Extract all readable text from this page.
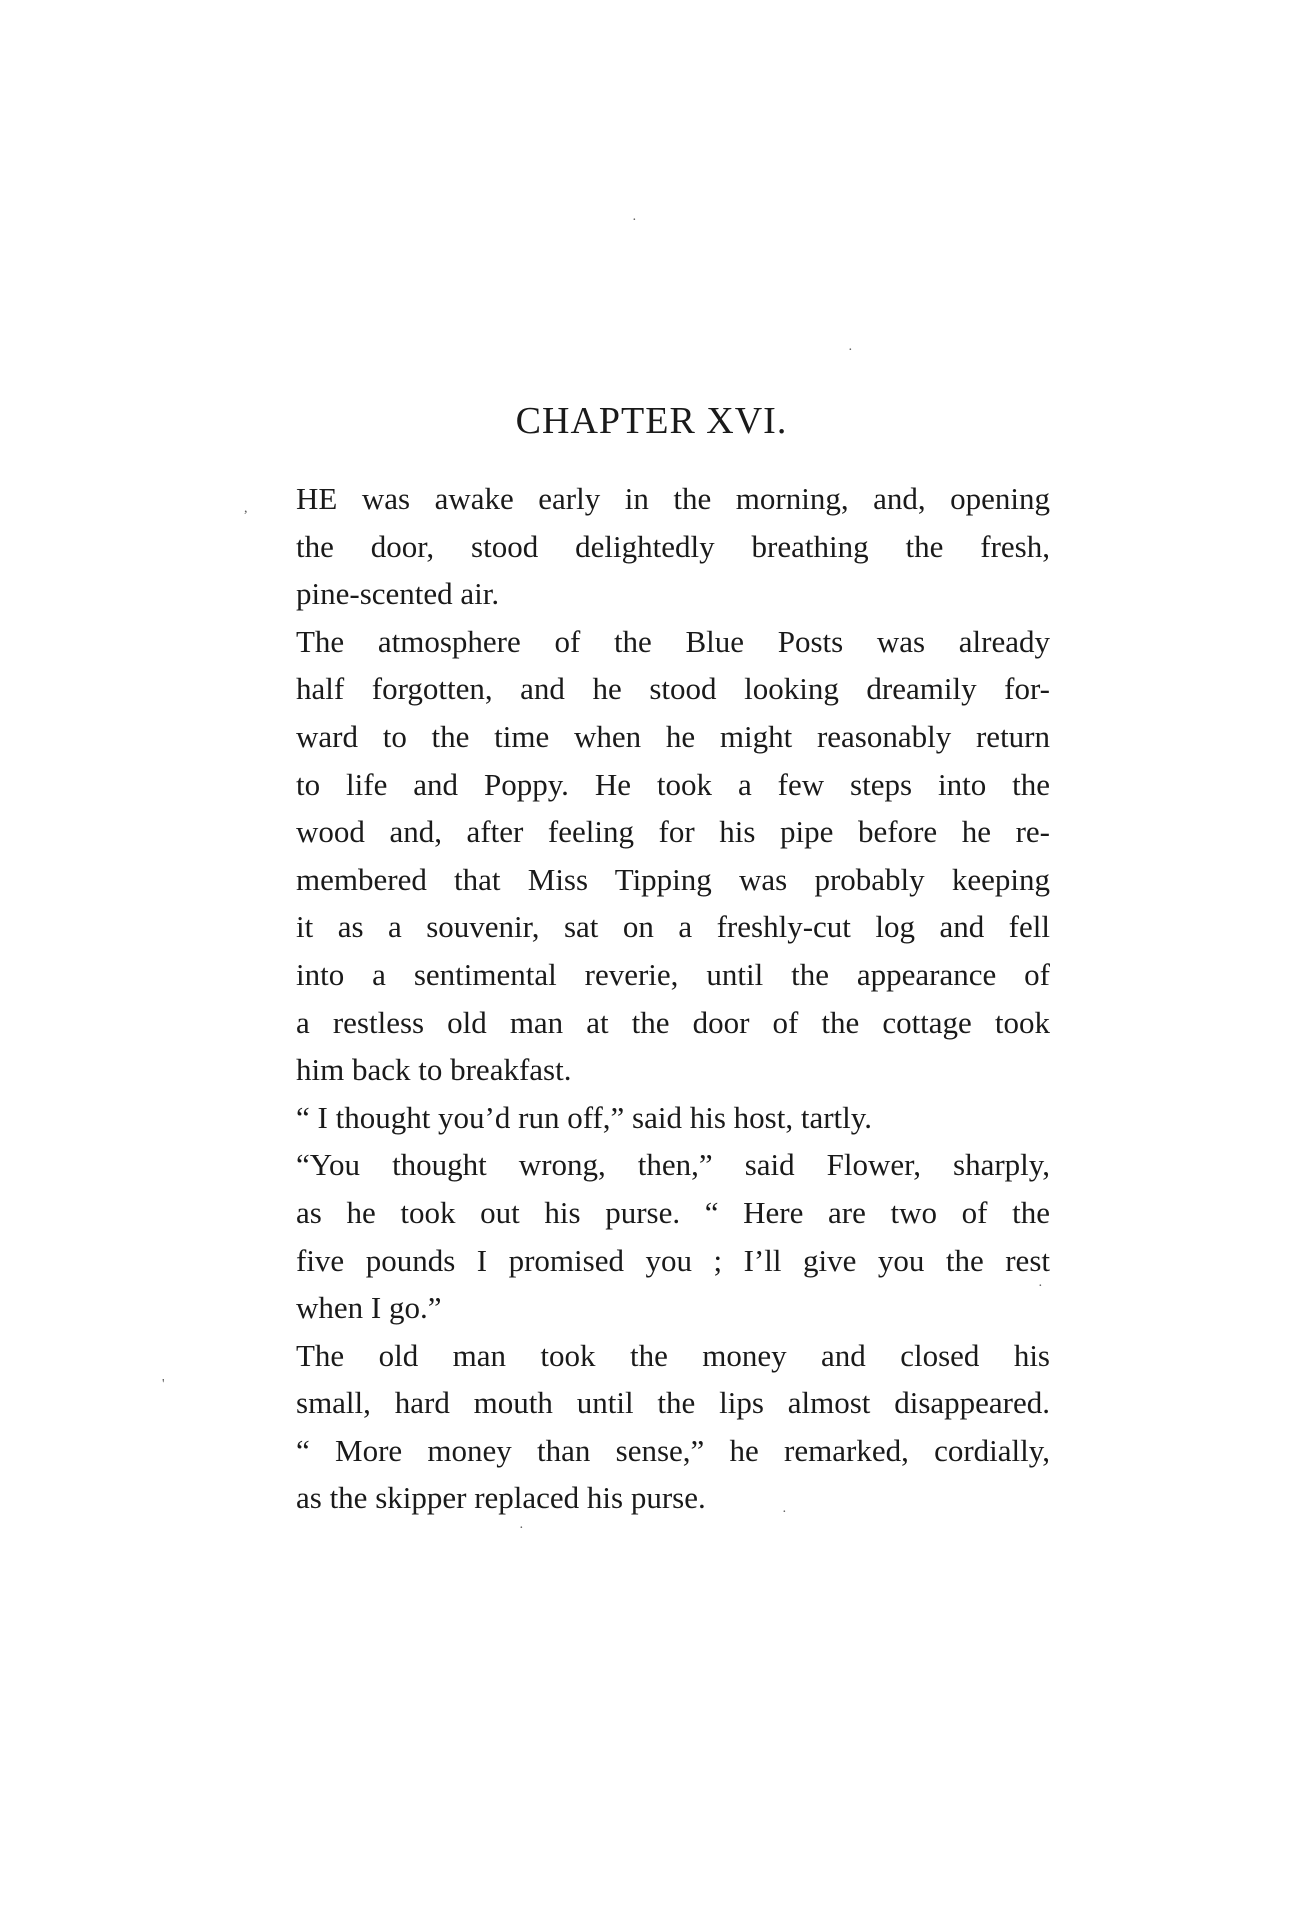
CHAPTER XVI.
HE was awake early in the morning, and, opening
the door, stood delightedly breathing the fresh,
pine-scented air.
The atmosphere of the Blue Posts was already
half forgotten, and he stood looking dreamily for-
ward to the time when he might reasonably return
to life and Poppy. He took a few steps into the
wood and, after feeling for his pipe before he re-
membered that Miss Tipping was probably keeping
it as a souvenir, sat on a freshly-cut log and fell
into a sentimental reverie, until the appearance of
a restless old man at the door of the cottage took
him back to breakfast.
“ I thought you’d run off,” said his host, tartly.
“You thought wrong, then,” said Flower, sharply,
as he took out his purse. “ Here are two of the
five pounds I promised you ; I’ll give you the rest
when I go.”
The old man took the money and closed his
small, hard mouth until the lips almost disappeared.
“ More money than sense,” he remarked, cordially,
as the skipper replaced his purse.
·
·
,
·
'
·
·
